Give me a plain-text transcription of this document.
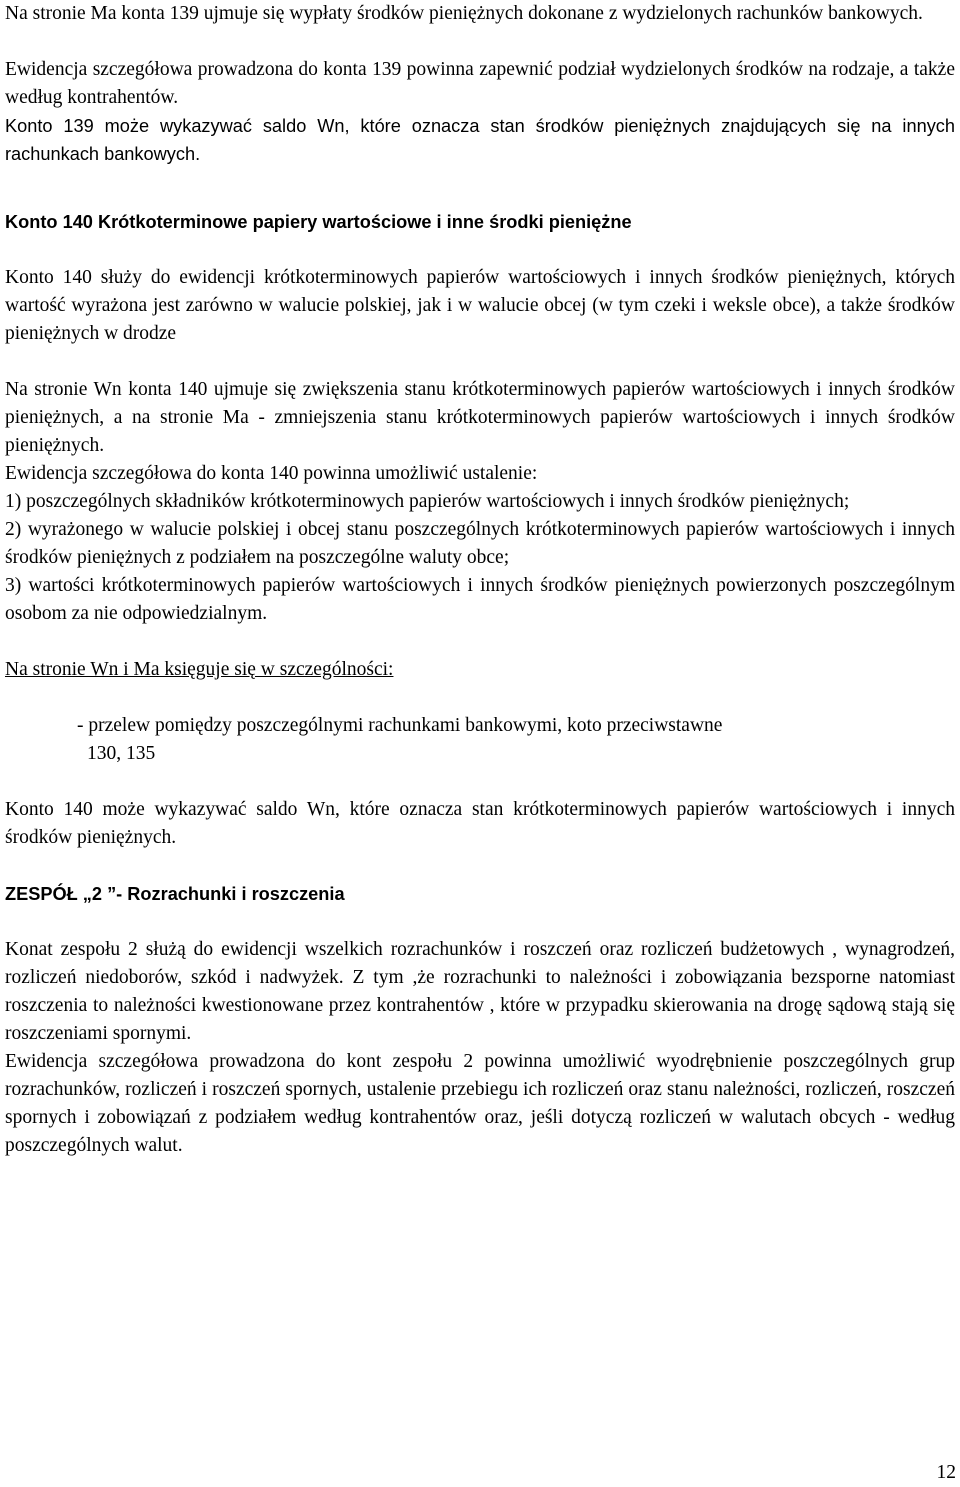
Na stronie Ma konta 139 ujmuje się wypłaty środków pieniężnych dokonane z wydzielonych rachunków bankowych.

Ewidencja szczegółowa prowadzona do konta 139 powinna zapewnić podział wydzielonych środków na rodzaje, a także według kontrahentów.

Konto 139 może wykazywać saldo Wn, które oznacza stan środków pieniężnych znajdujących się na innych rachunkach bankowych.

Konto 140 Krótkoterminowe papiery wartościowe i inne środki pieniężne

Konto 140 służy do ewidencji krótkoterminowych papierów wartościowych i innych środków pieniężnych, których wartość wyrażona jest zarówno w walucie polskiej, jak i w walucie obcej (w tym czeki i weksle obce), a także środków pieniężnych w drodze

Na stronie Wn konta 140 ujmuje się zwiększenia stanu krótkoterminowych papierów wartościowych i innych środków pieniężnych, a na stronie Ma - zmniejszenia stanu krótkoterminowych papierów wartościowych i innych środków pieniężnych.

Ewidencja szczegółowa do konta 140 powinna umożliwić ustalenie:

1) poszczególnych składników krótkoterminowych papierów wartościowych i innych środków pieniężnych;

2) wyrażonego w walucie polskiej i obcej stanu poszczególnych krótkoterminowych papierów wartościowych i innych środków pieniężnych z podziałem na poszczególne waluty obce;

3) wartości krótkoterminowych papierów wartościowych i innych środków pieniężnych powierzonych poszczególnym osobom za nie odpowiedzialnym.

Na stronie Wn i Ma księguje się w szczególności:

- przelew pomiędzy poszczególnymi rachunkami bankowymi, koto przeciwstawne

130, 135

Konto 140 może wykazywać saldo Wn, które oznacza stan krótkoterminowych papierów wartościowych i innych środków pieniężnych.

ZESPÓŁ „2 ”- Rozrachunki i roszczenia

Konat zespołu 2 służą do ewidencji wszelkich rozrachunków i roszczeń oraz rozliczeń budżetowych , wynagrodzeń, rozliczeń niedoborów, szkód i nadwyżek. Z tym ,że rozrachunki to należności i zobowiązania bezsporne natomiast roszczenia to należności kwestionowane przez kontrahentów , które w przypadku skierowania na drogę sądową stają się roszczeniami spornymi.

Ewidencja szczegółowa prowadzona do kont zespołu 2 powinna umożliwić wyodrębnienie poszczególnych grup rozrachunków, rozliczeń i roszczeń spornych, ustalenie przebiegu ich rozliczeń oraz stanu należności, rozliczeń, roszczeń spornych i zobowiązań z podziałem według kontrahentów oraz, jeśli dotyczą rozliczeń w walutach obcych - według poszczególnych walut.

12
